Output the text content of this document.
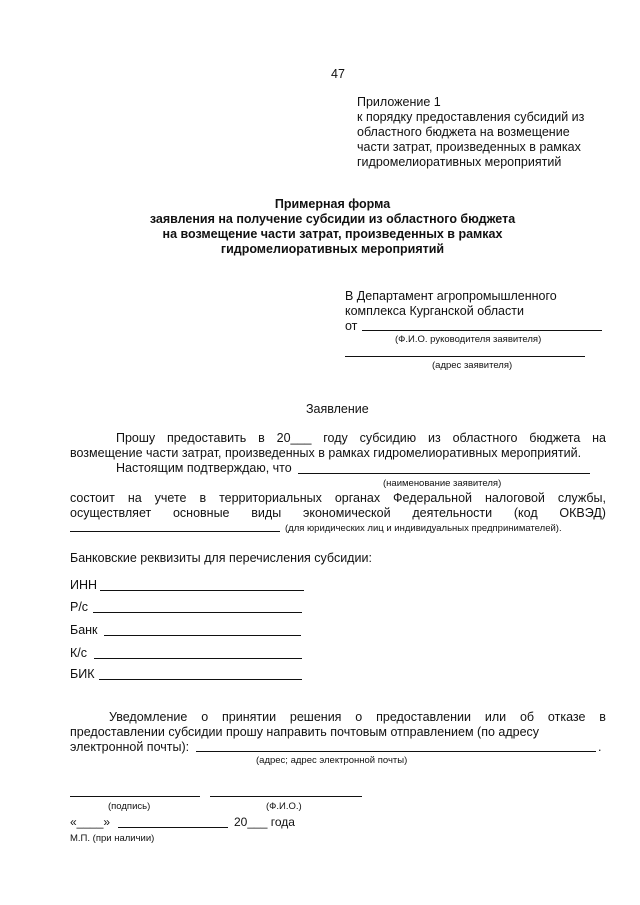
47
Приложение 1
к порядку предоставления субсидий из
областного бюджета на возмещение
части затрат, произведенных в рамках
гидромелиоративных мероприятий
Примерная форма
заявления на получение субсидии из областного бюджета
на возмещение части затрат, произведенных в рамках
гидромелиоративных мероприятий
В Департамент агропромышленного
комплекса Курганской области
от
(Ф.И.О. руководителя заявителя)
(адрес заявителя)
Заявление
Прошу предоставить в 20___ году субсидию из областного бюджета на
возмещение части затрат, произведенных в рамках гидромелиоративных мероприятий.
Настоящим подтверждаю, что
(наименование заявителя)
состоит на учете в территориальных органах Федеральной налоговой службы,
осуществляет основные виды экономической деятельности (код ОКВЭД)
(для юридических лиц и индивидуальных предпринимателей).
Банковские реквизиты для перечисления субсидии:
ИНН
Р/с
Банк
К/с
БИК
Уведомление о принятии решения о предоставлении или об отказе в
предоставлении субсидии прошу направить почтовым отправлением (по адресу
электронной почты):	.
(адрес; адрес электронной почты)
(подпись)	(Ф.И.О.)
«____»	20___ года
М.П. (при наличии)
